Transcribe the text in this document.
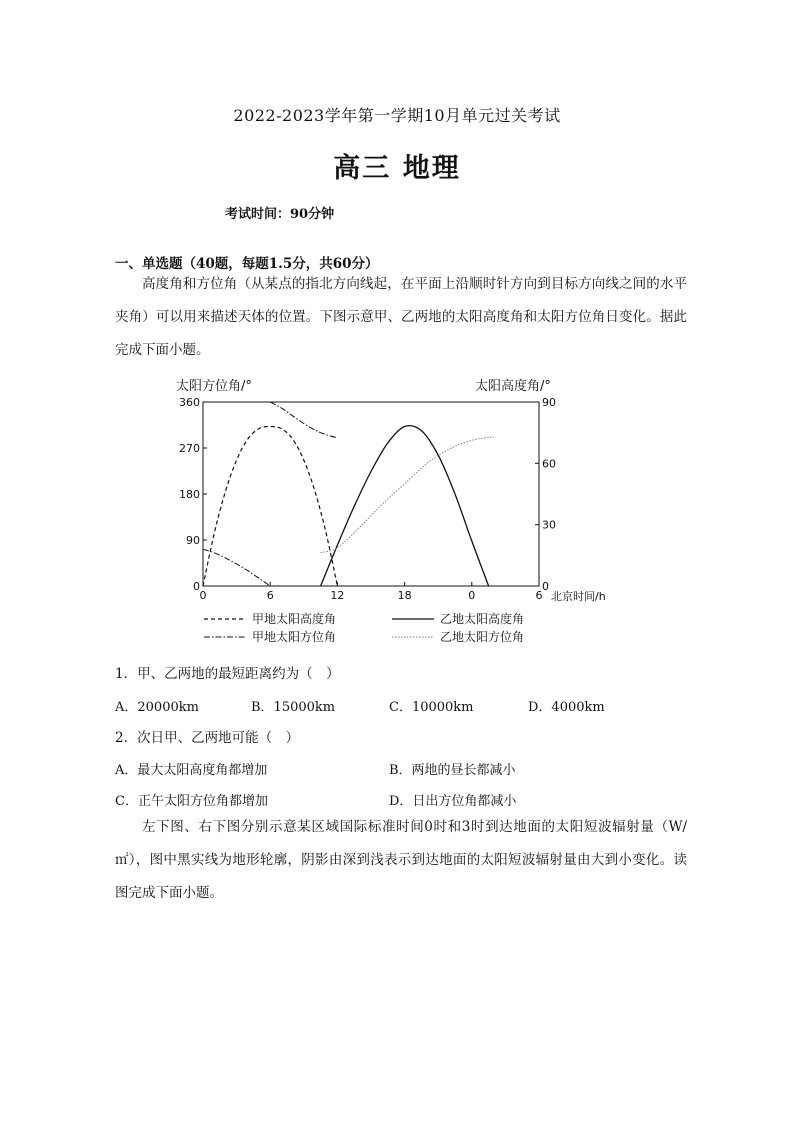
2022-2023学年第一学期10月单元过关考试
高三 地理
考试时间：90分钟
一、单选题（40题，每题1.5分，共60分）

高度角和方位角（从某点的指北方向线起，在平面上沿顺时针方向到目标方向线之间的水平夹角）可以用来描述天体的位置。下图示意甲、乙两地的太阳高度角和太阳方位角日变化。据此完成下面小题。

太阳方位角/°	太阳高度角/°
北京时间/h
0	6	12	18	0	6
0
90
180
270
360
0
30
60
90
甲地太阳高度角	乙地太阳高度角
甲地太阳方位角	乙地太阳方位角
1．甲、乙两地的最短距离约为（　）
A．20000km	B．15000km	C．10000km	D．4000km
2．次日甲、乙两地可能（　）
A．最大太阳高度角都增加	B．两地的昼长都减小
C．正午太阳方位角都增加	D．日出方位角都减小

左下图、右下图分别示意某区域国际标准时间0时和3时到达地面的太阳短波辐射量（W/㎡），图中黑实线为地形轮廓，阴影由深到浅表示到达地面的太阳短波辐射量由大到小变化。读图完成下面小题。
